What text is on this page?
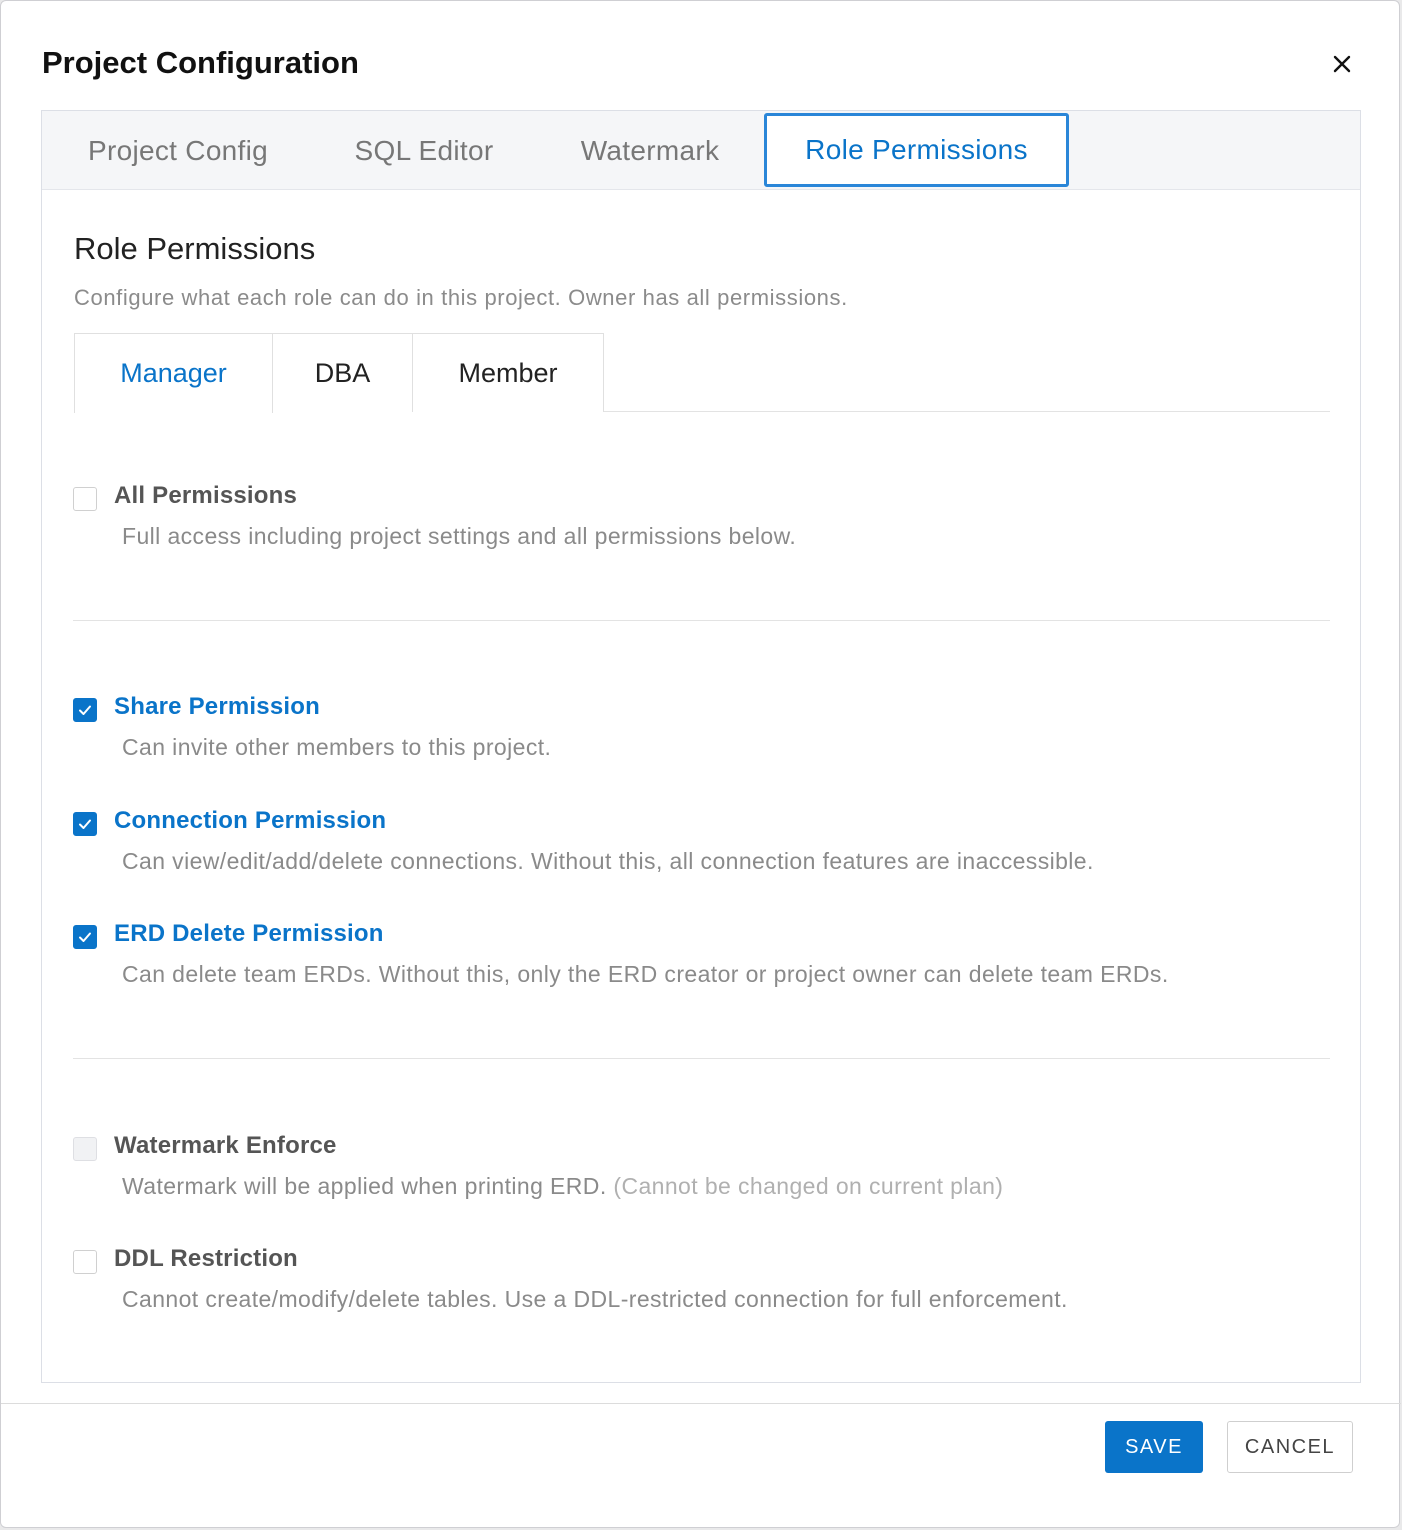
Project Configuration
Project Config	SQL Editor	Watermark	Role Permissions
Role Permissions
Configure what each role can do in this project. Owner has all permissions.
Manager	DBA	Member
All Permissions
Full access including project settings and all permissions below.
Share Permission
Can invite other members to this project.
Connection Permission
Can view/edit/add/delete connections. Without this, all connection features are inaccessible.
ERD Delete Permission
Can delete team ERDs. Without this, only the ERD creator or project owner can delete team ERDs.
Watermark Enforce
Watermark will be applied when printing ERD. (Cannot be changed on current plan)
DDL Restriction
Cannot create/modify/delete tables. Use a DDL-restricted connection for full enforcement.
SAVE	CANCEL
